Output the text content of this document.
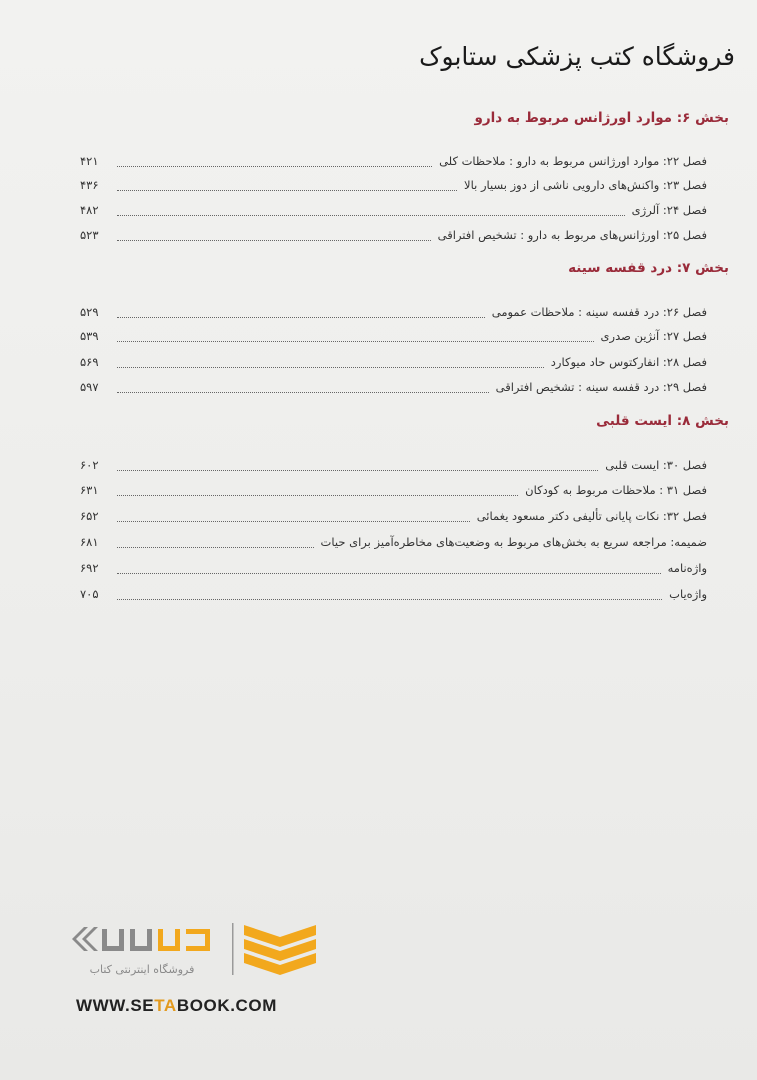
فروشگاه کتب پزشکی ستابوک
بخش ۶: موارد اورژانس مربوط به دارو
فصل ۲۲: موارد اورژانس مربوط به دارو : ملاحظات کلی
۴۲۱
فصل ۲۳: واکنش‌های دارویی ناشی از دوز بسیار بالا
۴۳۶
فصل ۲۴: آلرژی
۴۸۲
فصل ۲۵: اورژانس‌های مربوط به دارو : تشخیص افتراقی
۵۲۳
بخش ۷: درد قفسه سینه
فصل ۲۶: درد قفسه سینه : ملاحظات عمومی
۵۲۹
فصل ۲۷: آنژین صدری
۵۳۹
فصل ۲۸: انفارکتوس حاد میوکارد
۵۶۹
فصل ۲۹: درد قفسه سینه : تشخیص افتراقی
۵۹۷
بخش ۸: ایست قلبی
فصل ۳۰: ایست قلبی
۶۰۲
فصل ۳۱ : ملاحظات مربوط به کودکان
۶۳۱
فصل ۳۲: نکات پایانی تألیفی دکتر مسعود یغمائی
۶۵۲
ضمیمه: مراجعه سریع به بخش‌های مربوط به وضعیت‌های مخاطره‌آمیز برای حیات
۶۸۱
واژه‌نامه
۶۹۲
واژه‌یاب
۷۰۵
فروشگاه اینترنتی کتاب
WWW.SETABOOK.COM
